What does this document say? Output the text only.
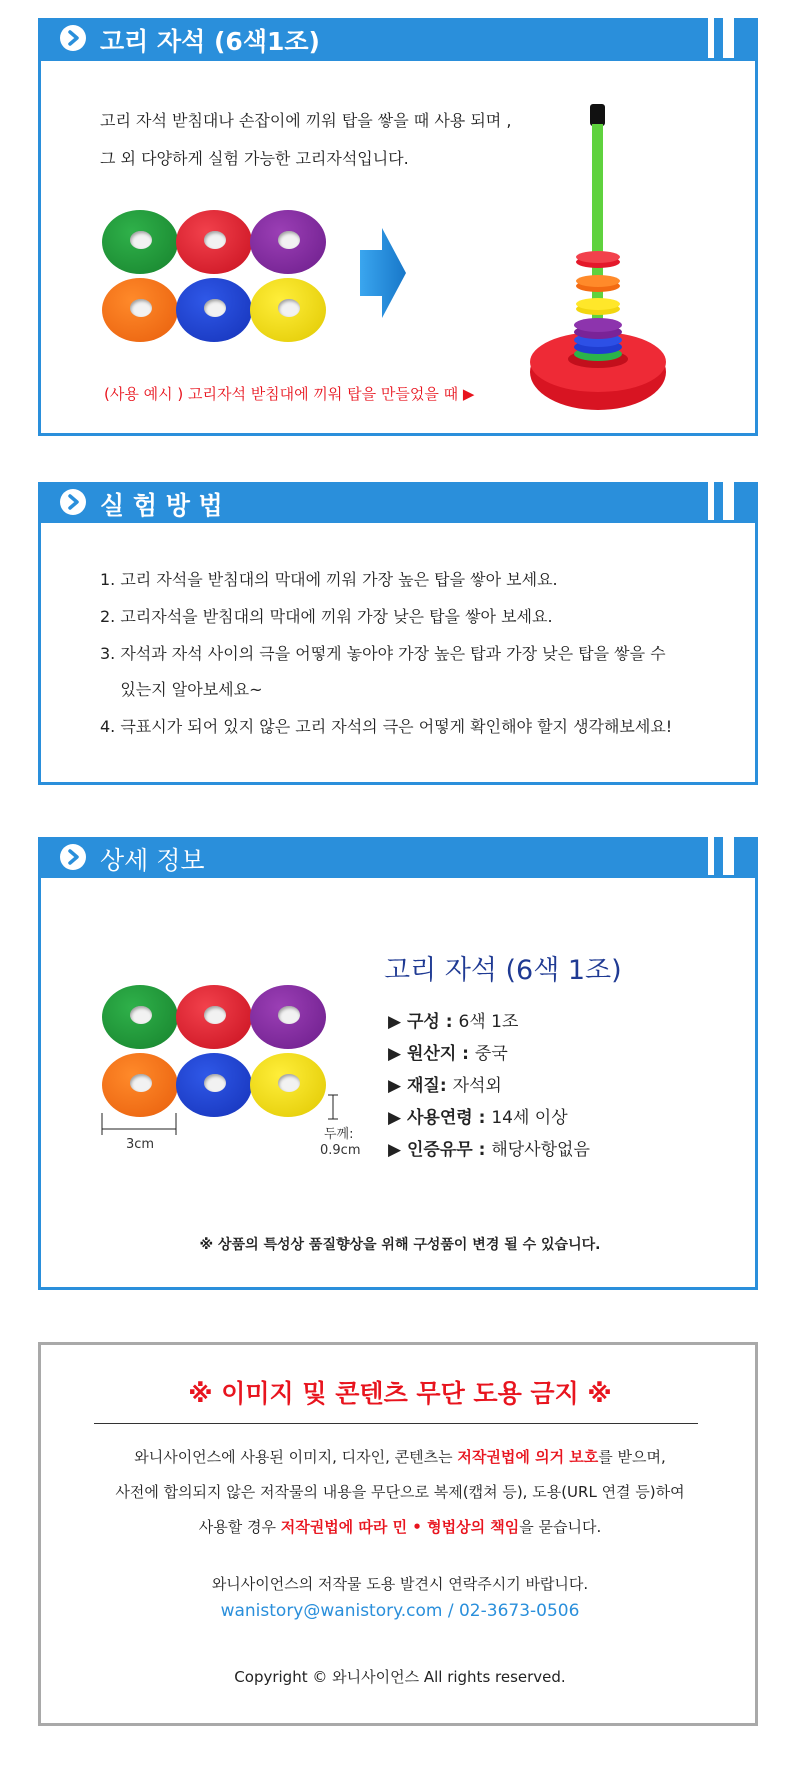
고리 자석 (6색1조)
고리 자석 받침대나 손잡이에 끼워 탑을 쌓을 때 사용 되며 ,
그 외 다양하게 실험 가능한 고리자석입니다.
(사용 예시 ) 고리자석 받침대에 끼워 탑을 만들었을 때 ▶
실 험 방 법
1. 고리 자석을 받침대의 막대에 끼워 가장 높은 탑을 쌓아 보세요.
2. 고리자석을 받침대의 막대에 끼워 가장 낮은 탑을 쌓아 보세요.
3. 자석과 자석 사이의 극을 어떻게 놓아야 가장 높은 탑과 가장 낮은 탑을 쌓을 수
있는지 알아보세요~
4. 극표시가 되어 있지 않은 고리 자석의 극은 어떻게 확인해야 할지 생각해보세요!
상세 정보
3cm
두께:
0.9cm
고리 자석 (6색 1조)
▶ 구성 : 6색 1조
▶ 원산지 : 중국
▶ 재질: 자석외
▶ 사용연령 : 14세 이상
▶ 인증유무 : 해당사항없음
※ 상품의 특성상 품질향상을 위해 구성품이 변경 될 수 있습니다.
※ 이미지 및 콘텐츠 무단 도용 금지 ※
와니사이언스에 사용된 이미지, 디자인, 콘텐츠는 저작권법에 의거 보호를 받으며,
사전에 합의되지 않은 저작물의 내용을 무단으로 복제(캡쳐 등), 도용(URL 연결 등)하여
사용할 경우 저작권법에 따라 민 • 형법상의 책임을 묻습니다.
와니사이언스의 저작물 도용 발견시 연락주시기 바랍니다.
wanistory@wanistory.com / 02-3673-0506
Copyright © 와니사이언스 All rights reserved.
